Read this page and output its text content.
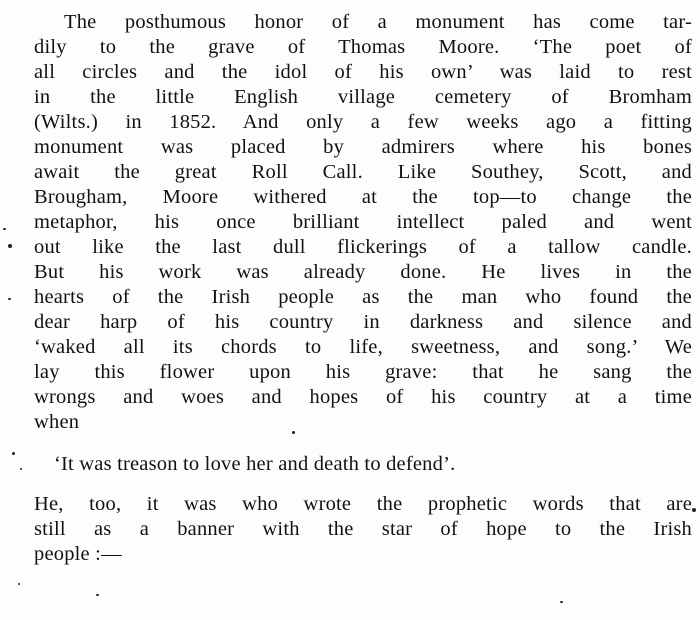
The posthumous honor of a monument has come tar-
dily to the grave of Thomas Moore. ‘The poet of
all circles and the idol of his own’ was laid to rest
in the little English village cemetery of Bromham
(Wilts.) in 1852. And only a few weeks ago a fitting
monument was placed by admirers where his bones
await the great Roll Call. Like Southey, Scott, and
Brougham, Moore withered at the top—to change the
metaphor, his once brilliant intellect paled and went
out like the last dull flickerings of a tallow candle.
But his work was already done. He lives in the
hearts of the Irish people as the man who found the
dear harp of his country in darkness and silence and
‘waked all its chords to life, sweetness, and song.’ We
lay this flower upon his grave: that he sang the
wrongs and woes and hopes of his country at a time
when
‘It was treason to love her and death to defend’.
He, too, it was who wrote the prophetic words that are
still as a banner with the star of hope to the Irish
people :—
